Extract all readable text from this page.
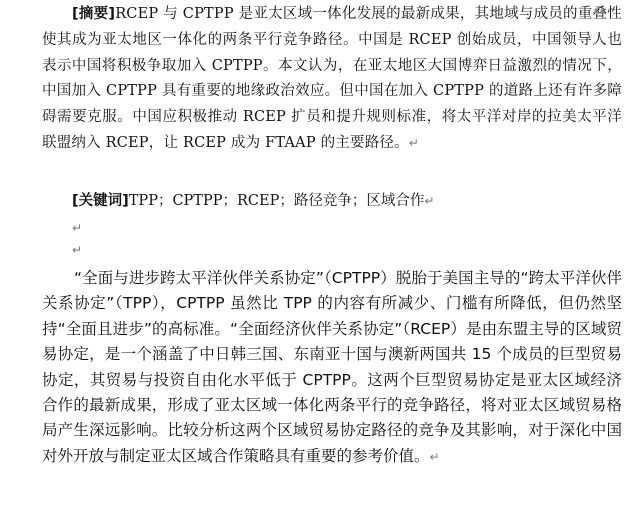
[摘要]RCEP 与 CPTPP 是亚太区域一体化发展的最新成果，其地域与成员的重叠性使其成为亚太地区一体化的两条平行竞争路径。中国是 RCEP 创始成员，中国领导人也表示中国将积极争取加入 CPTPP。本文认为，在亚太地区大国博弈日益激烈的情况下，中国加入 CPTPP 具有重要的地缘政治效应。但中国在加入 CPTPP 的道路上还有许多障碍需要克服。中国应积极推动 RCEP 扩员和提升规则标准，将太平洋对岸的拉美太平洋联盟纳入 RCEP，让 RCEP 成为 FTAAP 的主要路径。↵

[关键词]TPP；CPTPP；RCEP；路径竞争；区域合作↵

↵
↵

“全面与进步跨太平洋伙伴关系协定”（CPTPP）脱胎于美国主导的“跨太平洋伙伴关系协定”（TPP），CPTPP 虽然比 TPP 的内容有所减少、门槛有所降低，但仍然坚持“全面且进步”的高标准。“全面经济伙伴关系协定”（RCEP）是由东盟主导的区域贸易协定，是一个涵盖了中日韩三国、东南亚十国与澳新两国共 15 个成员的巨型贸易协定，其贸易与投资自由化水平低于 CPTPP。这两个巨型贸易协定是亚太区域经济合作的最新成果，形成了亚太区域一体化两条平行的竞争路径，将对亚太区域贸易格局产生深远影响。比较分析这两个区域贸易协定路径的竞争及其影响，对于深化中国对外开放与制定亚太区域合作策略具有重要的参考价值。↵
